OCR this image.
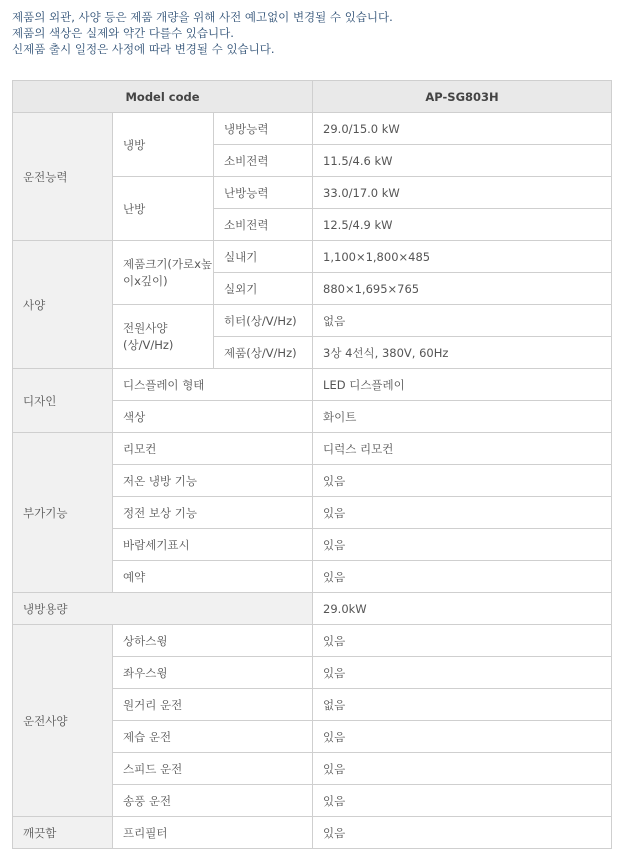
제품의 외관, 사양 등은 제품 개량을 위해 사전 예고없이 변경될 수 있습니다.
제품의 색상은 실제와 약간 다를수 있습니다.
신제품 출시 일정은 사정에 따라 변경될 수 있습니다.
Model code			AP-SG803H
운전능력	냉방	냉방능력	29.0/15.0 kW
		소비전력	11.5/4.6 kW
	난방	난방능력	33.0/17.0 kW
		소비전력	12.5/4.9 kW
사양	제품크기(가로x높이x깊이)	실내기	1,100×1,800×485
		실외기	880×1,695×765
	전원사양(상/V/Hz)	히터(상/V/Hz)	없음
		제품(상/V/Hz)	3상 4선식, 380V, 60Hz
디자인	디스플레이 형태		LED 디스플레이
	색상		화이트
부가기능	리모컨		디럭스 리모컨
	저온 냉방 기능		있음
	정전 보상 기능		있음
	바람세기표시		있음
	예약		있음
냉방용량			29.0kW
운전사양	상하스윙		있음
	좌우스윙		있음
	원거리 운전		없음
	제습 운전		있음
	스피드 운전		있음
	송풍 운전		있음
깨끗함	프리필터		있음
